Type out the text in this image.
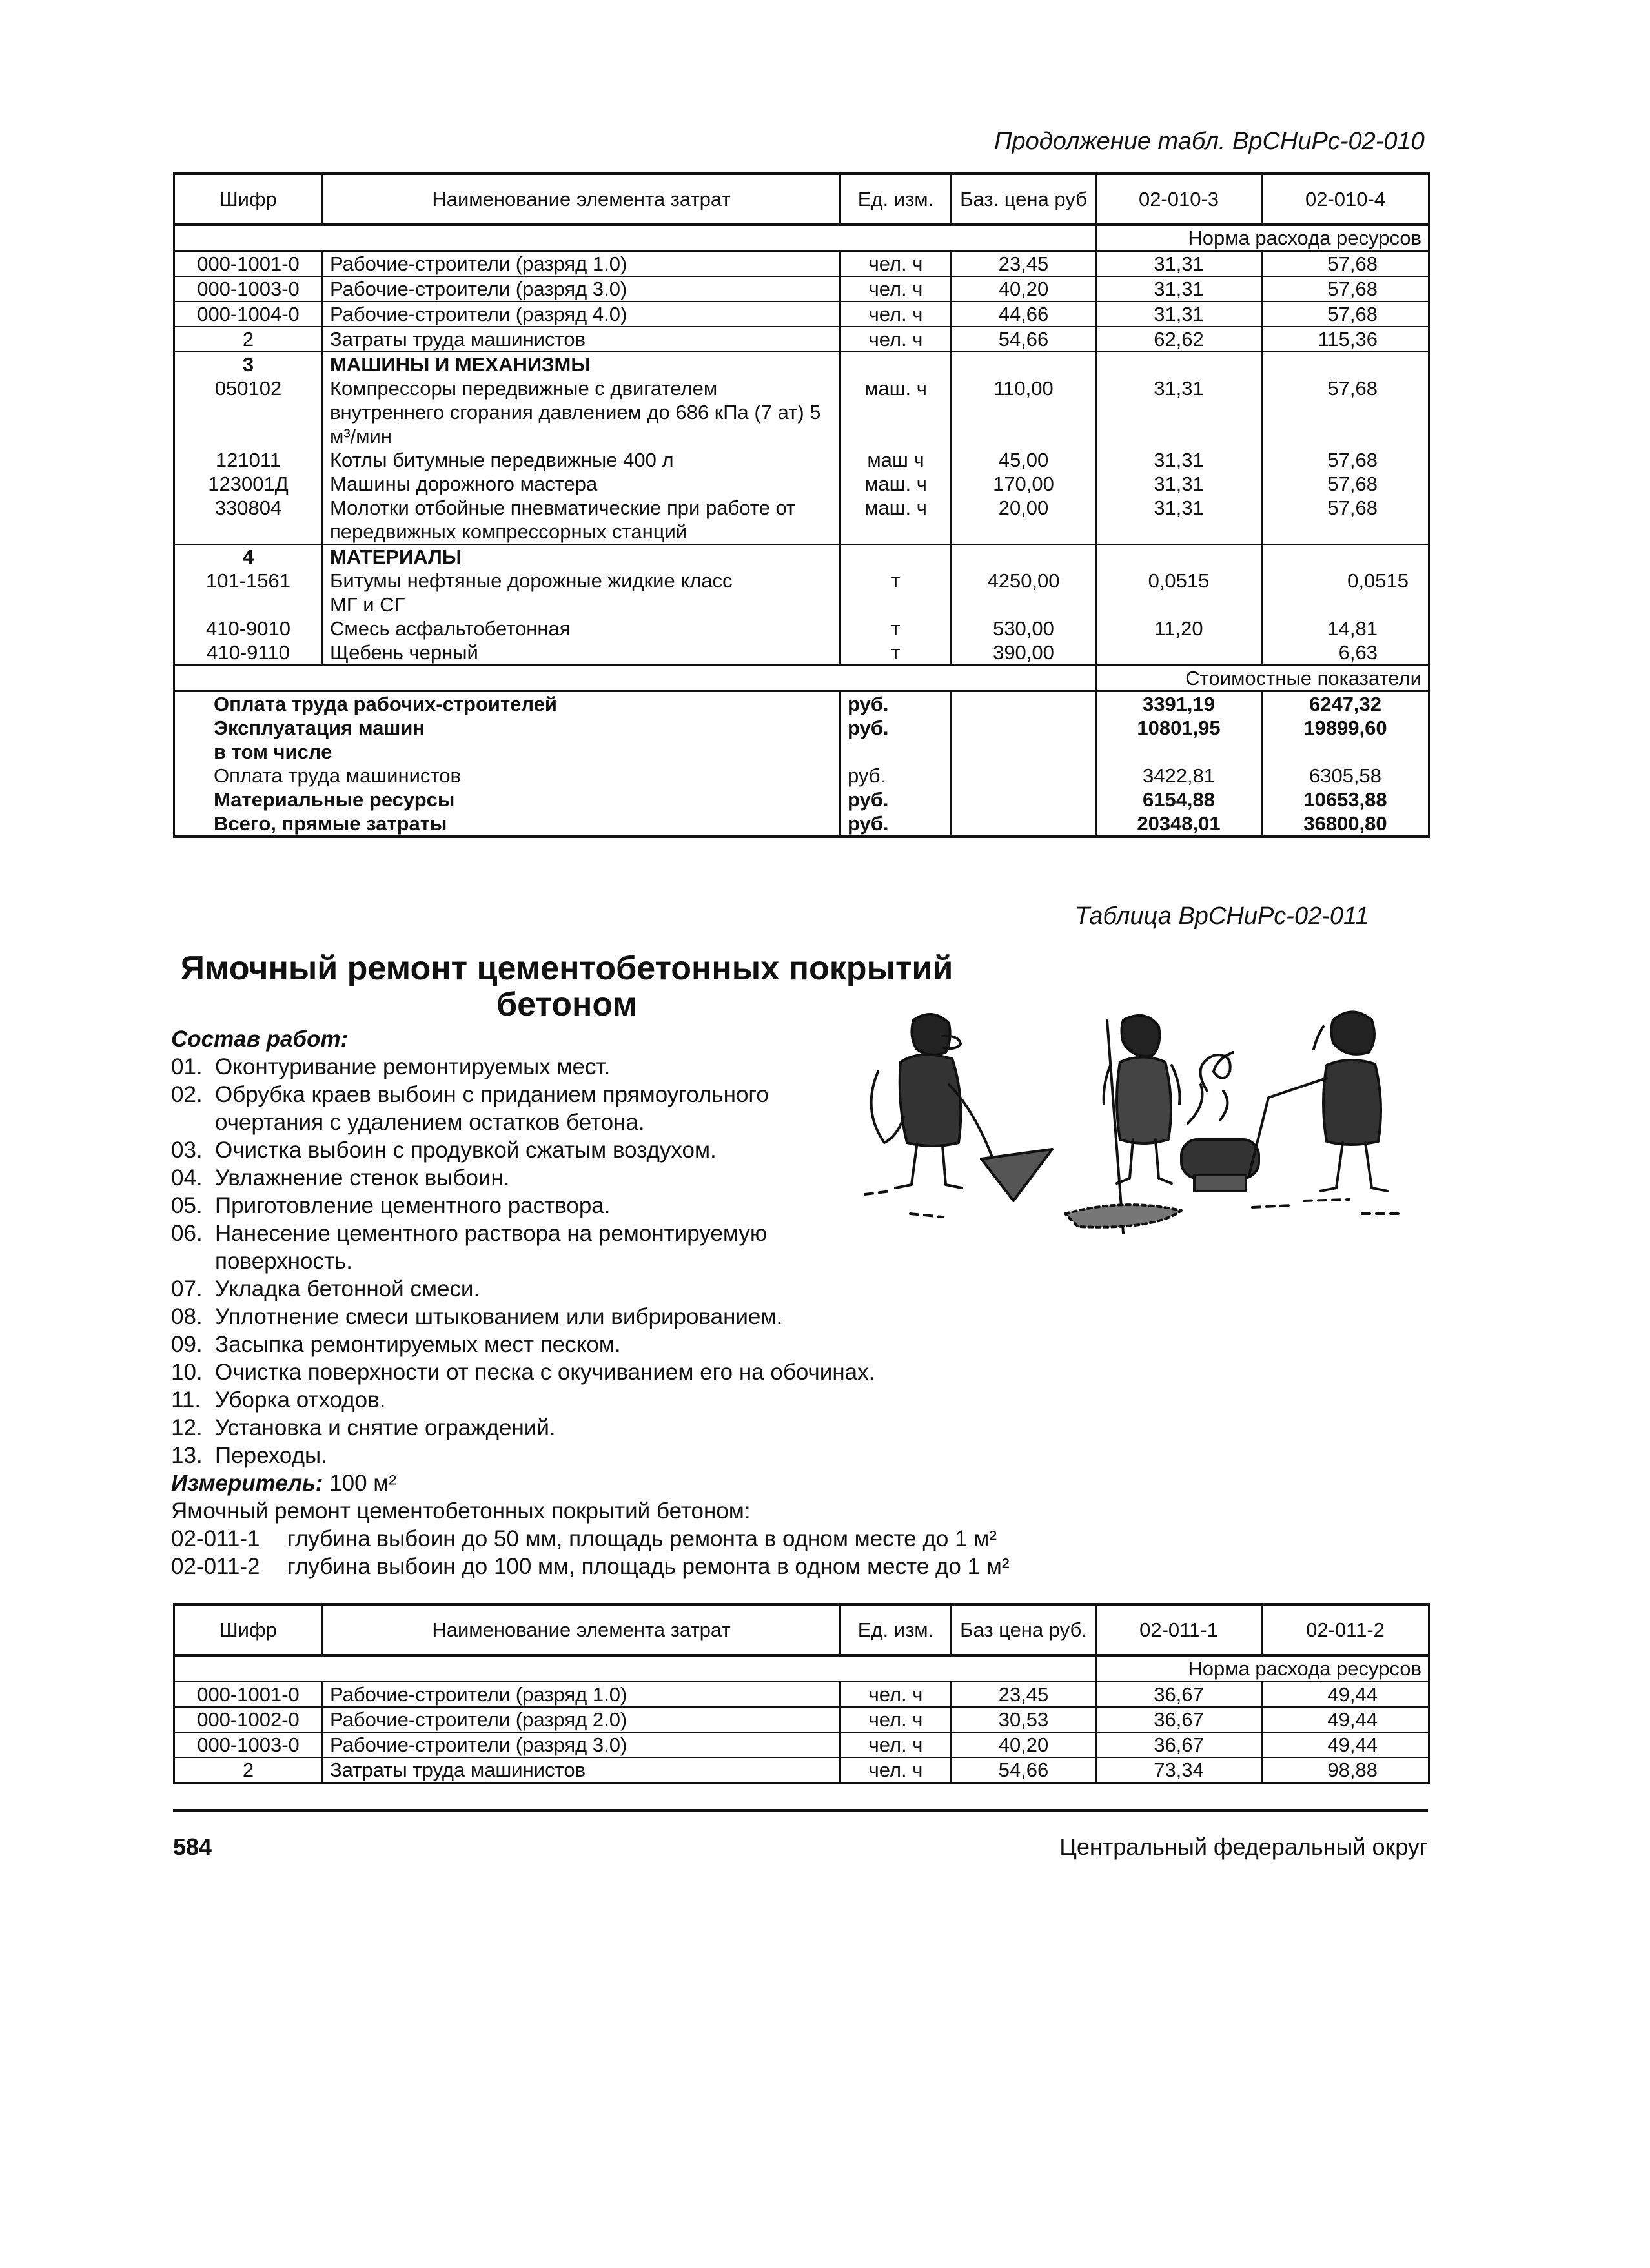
Продолжение табл. ВрСНиРс-02-010
Шифр	Наименование элемента затрат	Ед. изм.	Баз. цена руб	02-010-3	02-010-4
				Норма расхода ресурсов	
000-1001-0	Рабочие-строители (разряд 1.0)	чел. ч	23,45	31,31	57,68
000-1003-0	Рабочие-строители (разряд 3.0)	чел. ч	40,20	31,31	57,68
000-1004-0	Рабочие-строители (разряд 4.0)	чел. ч	44,66	31,31	57,68
2	Затраты труда машинистов	чел. ч	54,66	62,62	115,36
3	МАШИНЫ И МЕХАНИЗМЫ				
050102	Компрессоры передвижные с двигателем внутреннего сгорания давлением до 686 кПа (7 ат) 5 м³/мин	маш. ч	110,00	31,31	57,68
121011	Котлы битумные передвижные 400 л	маш ч	45,00	31,31	57,68
123001Д	Машины дорожного мастера	маш. ч	170,00	31,31	57,68
330804	Молотки отбойные пневматические при работе от передвижных компрессорных станций	маш. ч	20,00	31,31	57,68
4	МАТЕРИАЛЫ				
101-1561	Битумы нефтяные дорожные жидкие класс МГ и СГ	т	4250,00	0,0515	0,0515
410-9010	Смесь асфальтобетонная	т	530,00	11,20	14,81
410-9110	Щебень черный	т	390,00		6,63
				Стоимостные показатели	
Оплата труда рабочих-строителей		руб.		3391,19	6247,32
Эксплуатация машин		руб.		10801,95	19899,60
в том числе					
Оплата труда машинистов		руб.		3422,81	6305,58
Материальные ресурсы		руб.		6154,88	10653,88
Всего, прямые затраты		руб.		20348,01	36800,80
Таблица ВрСНиРс-02-011
Ямочный ремонт цементобетонных покрытий
бетоном
Состав работ:
01. Оконтуривание ремонтируемых мест.
02. Обрубка краев выбоин с приданием прямоугольного очертания с удалением остатков бетона.
03. Очистка выбоин с продувкой сжатым воздухом.
04. Увлажнение стенок выбоин.
05. Приготовление цементного раствора.
06. Нанесение цементного раствора на ремонтируемую поверхность.
07. Укладка бетонной смеси.
08. Уплотнение смеси штыкованием или вибрированием.
09. Засыпка ремонтируемых мест песком.
10. Очистка поверхности от песка с окучиванием его на обочинах.
11. Уборка отходов.
12. Установка и снятие ограждений.
13. Переходы.
Измеритель: 100 м²
Ямочный ремонт цементобетонных покрытий бетоном:
02-011-1	глубина выбоин до 50 мм, площадь ремонта в одном месте до 1 м²
02-011-2	глубина выбоин до 100 мм, площадь ремонта в одном месте до 1 м²
Шифр	Наименование элемента затрат	Ед. изм.	Баз цена руб.	02-011-1	02-011-2
				Норма расхода ресурсов	
000-1001-0	Рабочие-строители (разряд 1.0)	чел. ч	23,45	36,67	49,44
000-1002-0	Рабочие-строители (разряд 2.0)	чел. ч	30,53	36,67	49,44
000-1003-0	Рабочие-строители (разряд 3.0)	чел. ч	40,20	36,67	49,44
2	Затраты труда машинистов	чел. ч	54,66	73,34	98,88
584	Центральный федеральный округ
